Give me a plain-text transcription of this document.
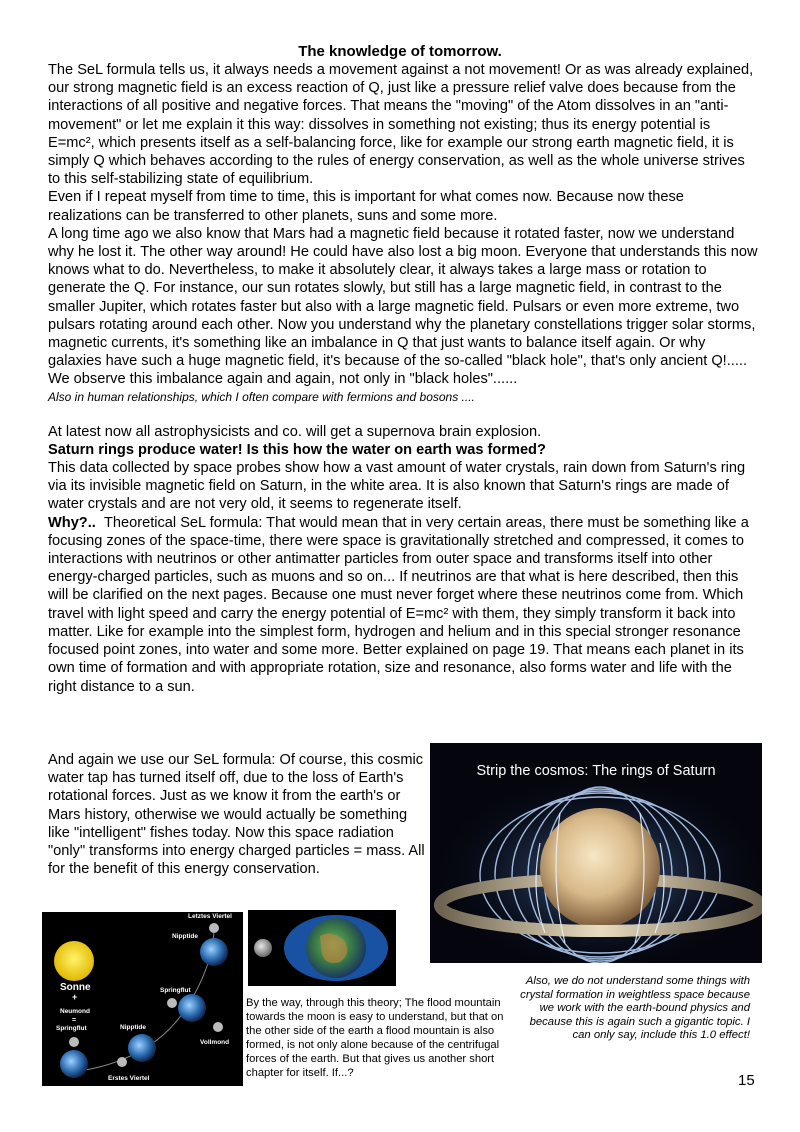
The knowledge of tomorrow.

The SeL formula tells us, it always needs a movement against a not movement! Or as was already explained, our strong magnetic field is an excess reaction of Q, just like a pressure relief valve does because from the interactions of all positive and negative forces. That means the "moving" of the Atom dissolves in an "anti-movement" or let me explain it this way: dissolves in something not existing; thus its energy potential is E=mc², which presents itself as a self-balancing force, like for example our strong earth magnetic field, it is simply Q which behaves according to the rules of energy conservation, as well as the whole universe strives to this self-stabilizing state of equilibrium.

Even if I repeat myself from time to time, this is important for what comes now. Because now these realizations can be transferred to other planets, suns and some more.

A long time ago we also know that Mars had a magnetic field because it rotated faster, now we understand why he lost it. The other way around! He could have also lost a big moon. Everyone that understands this now knows what to do. Nevertheless, to make it absolutely clear, it always takes a large mass or rotation to generate the Q. For instance, our sun rotates slowly, but still has a large magnetic field, in contrast to the smaller Jupiter, which rotates faster but also with a large magnetic field. Pulsars or even more extreme, two pulsars rotating around each other. Now you understand why the planetary constellations trigger solar storms, magnetic currents, it's something like an imbalance in Q that just wants to balance itself again. Or why galaxies have such a huge magnetic field, it's because of the so-called "black hole", that's only ancient Q!.....

We observe this imbalance again and again, not only in "black holes"......

Also in human relationships, which I often compare with fermions and bosons ....

At latest now all astrophysicists and co. will get a supernova brain explosion.

Saturn rings produce water! Is this how the water on earth was formed?

This data collected by space probes show how a vast amount of water crystals, rain down from Saturn's ring via its invisible magnetic field on Saturn, in the white area. It is also known that Saturn's rings are made of water crystals and are not very old, it seems to regenerate itself.

Why?.. Theoretical SeL formula: That would mean that in very certain areas, there must be something like a focusing zones of the space-time, there were space is gravitationally stretched and compressed, it comes to interactions with neutrinos or other antimatter particles from outer space and transforms itself into other energy-charged particles, such as muons and so on... If neutrinos are that what is here described, then this will be clarified on the next pages. Because one must never forget where these neutrinos come from. Which travel with light speed and carry the energy potential of E=mc² with them, they simply transform it back into matter. Like for example into the simplest form, hydrogen and helium and in this special stronger resonance focused point zones, into water and some more. Better explained on page 19. That means each planet in its own time of formation and with appropriate rotation, size and resonance, also forms water and life with the right distance to a sun.

And again we use our SeL formula: Of course, this cosmic water tap has turned itself off, due to the loss of Earth's rotational forces. Just as we know it from the earth's or Mars history, otherwise we would actually be something like "intelligent" fishes today. Now this space radiation "only" transforms into energy charged particles = mass. All for the benefit of this energy conservation.
Strip the cosmos: The rings of Saturn
Also, we do not understand some things with crystal formation in weightless space because we work with the earth-bound physics and because this is again such a gigantic topic. I can only say, include this 1.0 effect!
Sonne
+
Neumond
=
Springflut
Nipptide
Letztes Viertel
Springflut
Nipptide
Vollmond
Erstes Viertel
By the way, through this theory; The flood mountain towards the moon is easy to understand, but that on the other side of the earth a flood mountain is also formed, is not only alone because of the centrifugal forces of the earth. But that gives us another short chapter for itself. If...?	15
